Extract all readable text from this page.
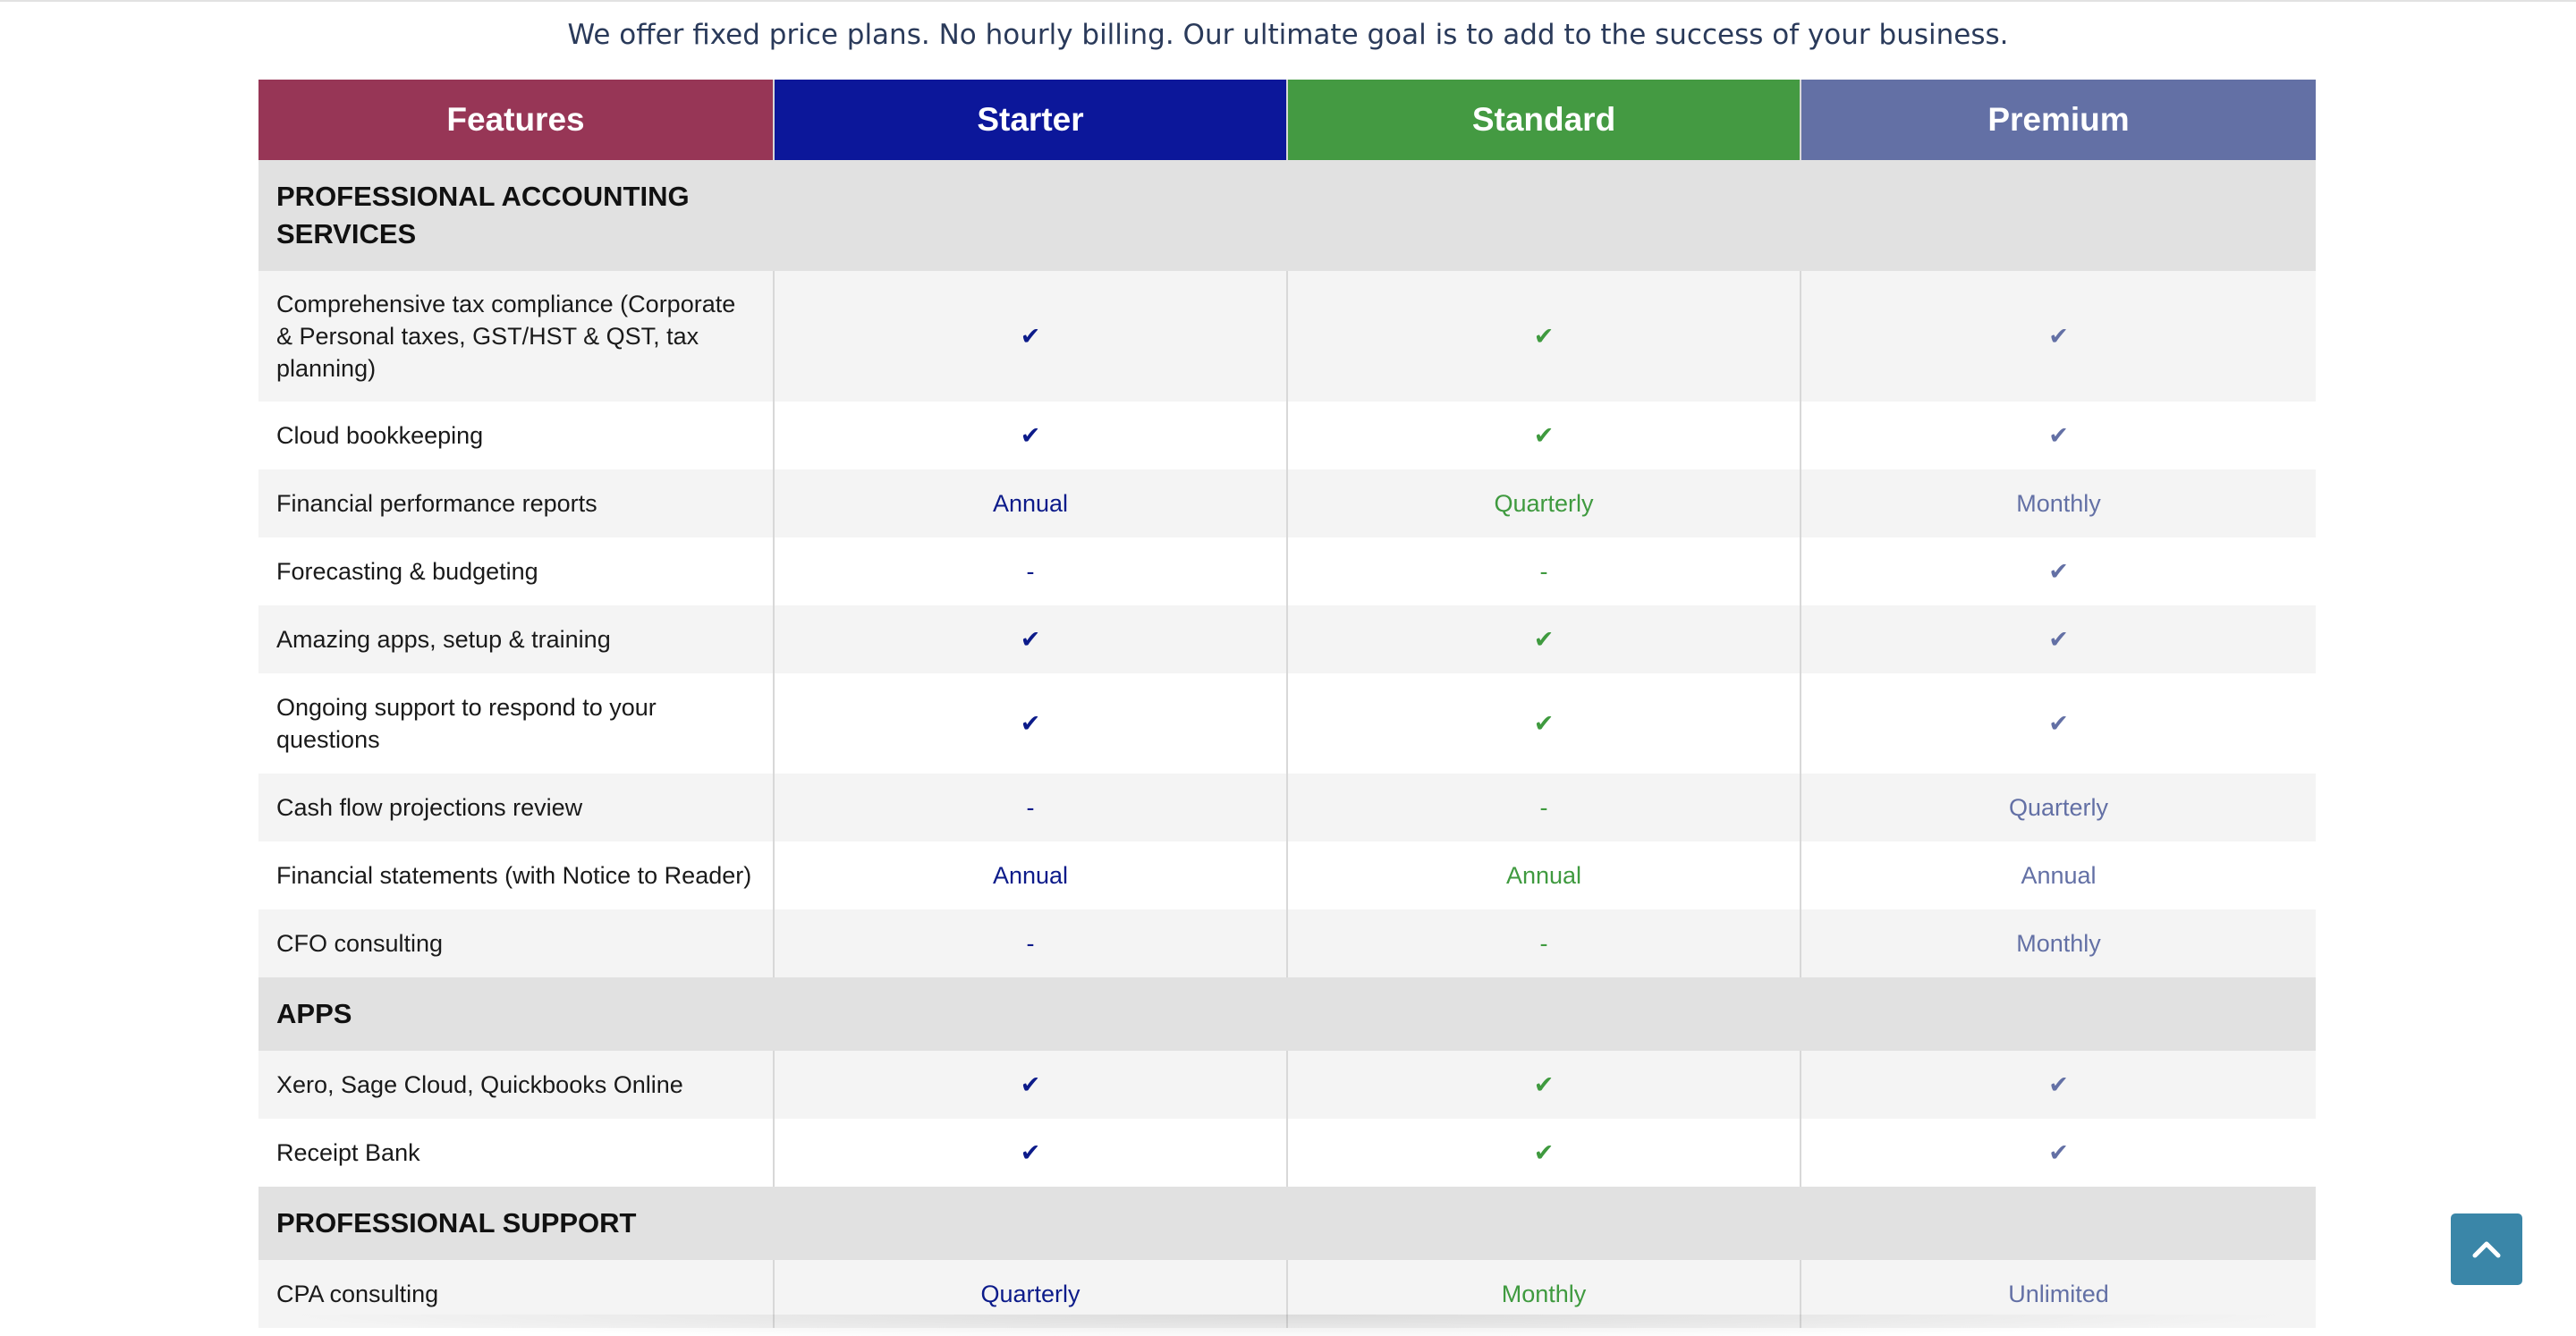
We offer fixed price plans. No hourly billing. Our ultimate goal is to add to the success of your business.
Features	Starter	Standard	Premium

PROFESSIONAL ACCOUNTING SERVICES			

Comprehensive tax compliance (Corporate & Personal taxes, GST/HST & QST, tax planning)	✔	✔	✔
Cloud bookkeeping	✔	✔	✔
Financial performance reports	Annual	Quarterly	Monthly
Forecasting & budgeting	-	-	✔
Amazing apps, setup & training	✔	✔	✔
Ongoing support to respond to your questions	✔	✔	✔
Cash flow projections review	-	-	Quarterly
Financial statements (with Notice to Reader)	Annual	Annual	Annual
CFO consulting	-	-	Monthly
APPS			
Xero, Sage Cloud, Quickbooks Online	✔	✔	✔
Receipt Bank	✔	✔	✔
PROFESSIONAL SUPPORT			
CPA consulting	Quarterly	Monthly	Unlimited
